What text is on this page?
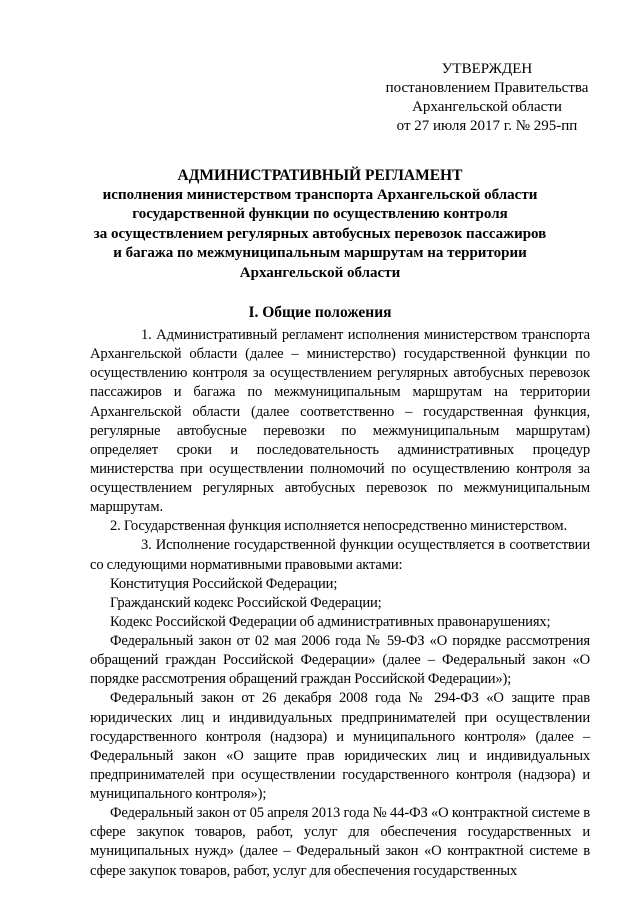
УТВЕРЖДЕН
постановлением Правительства
Архангельской области
от 27 июля 2017 г. № 295-пп
АДМИНИСТРАТИВНЫЙ РЕГЛАМЕНТ
исполнения министерством транспорта Архангельской области
государственной функции по осуществлению контроля
за осуществлением регулярных автобусных перевозок пассажиров
и багажа по межмуниципальным маршрутам на территории
Архангельской области
I. Общие положения

1. Административный регламент исполнения министерством транспорта Архангельской области (далее – министерство) государственной функции по осуществлению контроля за осуществлением регулярных автобусных перевозок пассажиров и багажа по межмуниципальным маршрутам на территории Архангельской области (далее соответственно – государственная функция, регулярные автобусные перевозки по межмуниципальным маршрутам) определяет сроки и последовательность административных процедур министерства при осуществлении полномочий по осуществлению контроля за осуществлением регулярных автобусных перевозок по межмуниципальным маршрутам.

2. Государственная функция исполняется непосредственно министерством.

3. Исполнение государственной функции осуществляется в соответствии со следующими нормативными правовыми актами:

Конституция Российской Федерации;

Гражданский кодекс Российской Федерации;

Кодекс Российской Федерации об административных правонарушениях;

Федеральный закон от 02 мая 2006 года № 59-ФЗ «О порядке рассмотрения обращений граждан Российской Федерации» (далее – Федеральный закон «О порядке рассмотрения обращений граждан Российской Федерации»);

Федеральный закон от 26 декабря 2008 года № 294-ФЗ «О защите прав юридических лиц и индивидуальных предпринимателей при осуществлении государственного контроля (надзора) и муниципального контроля» (далее – Федеральный закон «О защите прав юридических лиц и индивидуальных предпринимателей при осуществлении государственного контроля (надзора) и муниципального контроля»);

Федеральный закон от 05 апреля 2013 года № 44-ФЗ «О контрактной системе в сфере закупок товаров, работ, услуг для обеспечения государственных и муниципальных нужд» (далее – Федеральный закон «О контрактной системе в сфере закупок товаров, работ, услуг для обеспечения государственных
